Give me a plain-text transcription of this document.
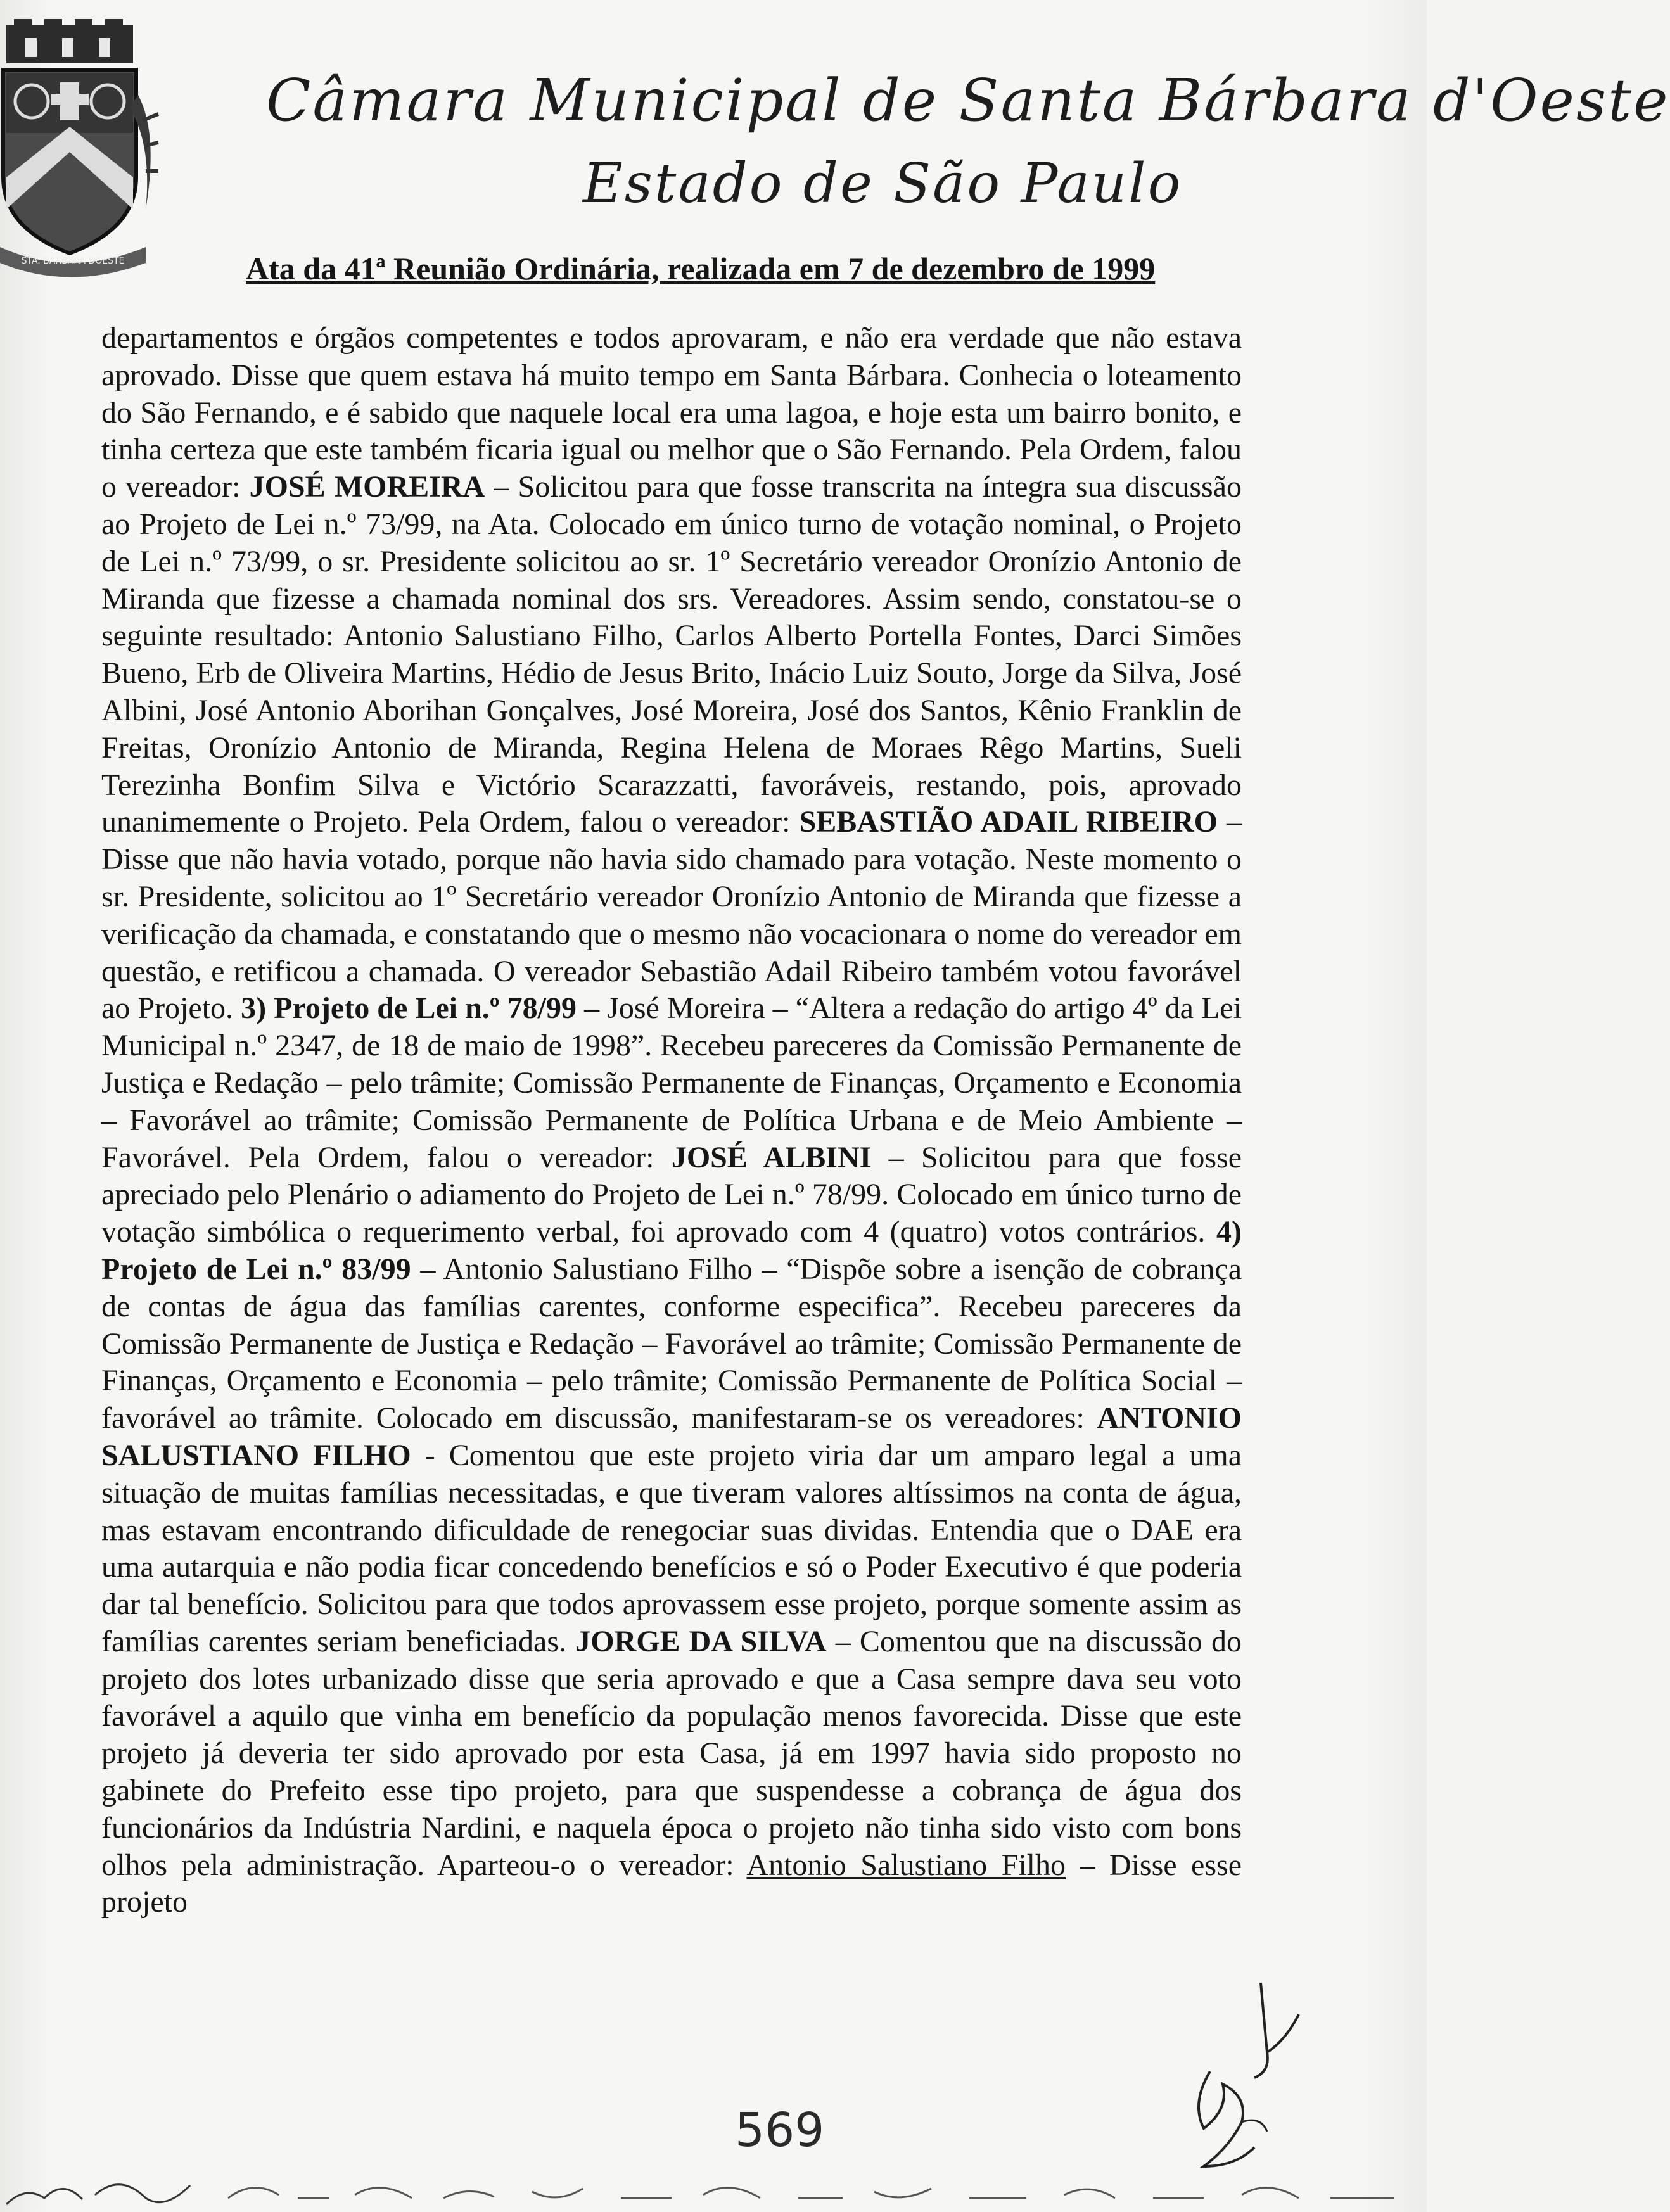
STA. BARBARA DOESTE
Câmara Municipal de Santa Bárbara d'Oeste
Estado de São Paulo
Ata da 41ª Reunião Ordinária, realizada em 7 de dezembro de 1999

departamentos e órgãos competentes e todos aprovaram, e não era verdade que não estava aprovado. Disse que quem estava há muito tempo em Santa Bárbara. Conhecia o loteamento do São Fernando, e é sabido que naquele local era uma lagoa, e hoje esta um bairro bonito, e tinha certeza que este também ficaria igual ou melhor que o São Fernando. Pela Ordem, falou o vereador: JOSÉ MOREIRA – Solicitou para que fosse transcrita na íntegra sua discussão ao Projeto de Lei n.º 73/99, na Ata. Colocado em único turno de votação nominal, o Projeto de Lei n.º 73/99, o sr. Presidente solicitou ao sr. 1º Secretário vereador Oronízio Antonio de Miranda que fizesse a chamada nominal dos srs. Vereadores. Assim sendo, constatou-se o seguinte resultado: Antonio Salustiano Filho, Carlos Alberto Portella Fontes, Darci Simões Bueno, Erb de Oliveira Martins, Hédio de Jesus Brito, Inácio Luiz Souto, Jorge da Silva, José Albini, José Antonio Aborihan Gonçalves, José Moreira, José dos Santos, Kênio Franklin de Freitas, Oronízio Antonio de Miranda, Regina Helena de Moraes Rêgo Martins, Sueli Terezinha Bonfim Silva e Victório Scarazzatti, favoráveis, restando, pois, aprovado unanimemente o Projeto. Pela Ordem, falou o vereador: SEBASTIÃO ADAIL RIBEIRO – Disse que não havia votado, porque não havia sido chamado para votação. Neste momento o sr. Presidente, solicitou ao 1º Secretário vereador Oronízio Antonio de Miranda que fizesse a verificação da chamada, e constatando que o mesmo não vocacionara o nome do vereador em questão, e retificou a chamada. O vereador Sebastião Adail Ribeiro também votou favorável ao Projeto. 3) Projeto de Lei n.º 78/99 – José Moreira – “Altera a redação do artigo 4º da Lei Municipal n.º 2347, de 18 de maio de 1998”. Recebeu pareceres da Comissão Permanente de Justiça e Redação – pelo trâmite; Comissão Permanente de Finanças, Orçamento e Economia – Favorável ao trâmite; Comissão Permanente de Política Urbana e de Meio Ambiente – Favorável. Pela Ordem, falou o vereador: JOSÉ ALBINI – Solicitou para que fosse apreciado pelo Plenário o adiamento do Projeto de Lei n.º 78/99. Colocado em único turno de votação simbólica o requerimento verbal, foi aprovado com 4 (quatro) votos contrários. 4) Projeto de Lei n.º 83/99 – Antonio Salustiano Filho – “Dispõe sobre a isenção de cobrança de contas de água das famílias carentes, conforme especifica”. Recebeu pareceres da Comissão Permanente de Justiça e Redação – Favorável ao trâmite; Comissão Permanente de Finanças, Orçamento e Economia – pelo trâmite; Comissão Permanente de Política Social – favorável ao trâmite. Colocado em discussão, manifestaram-se os vereadores: ANTONIO SALUSTIANO FILHO - Comentou que este projeto viria dar um amparo legal a uma situação de muitas famílias necessitadas, e que tiveram valores altíssimos na conta de água, mas estavam encontrando dificuldade de renegociar suas dividas. Entendia que o DAE era uma autarquia e não podia ficar concedendo benefícios e só o Poder Executivo é que poderia dar tal benefício. Solicitou para que todos aprovassem esse projeto, porque somente assim as famílias carentes seriam beneficiadas. JORGE DA SILVA – Comentou que na discussão do projeto dos lotes urbanizado disse que seria aprovado e que a Casa sempre dava seu voto favorável a aquilo que vinha em benefício da população menos favorecida. Disse que este projeto já deveria ter sido aprovado por esta Casa, já em 1997 havia sido proposto no gabinete do Prefeito esse tipo projeto, para que suspendesse a cobrança de água dos funcionários da Indústria Nardini, e naquela época o projeto não tinha sido visto com bons olhos pela administração. Aparteou-o o vereador: Antonio Salustiano Filho – Disse esse projeto

569
